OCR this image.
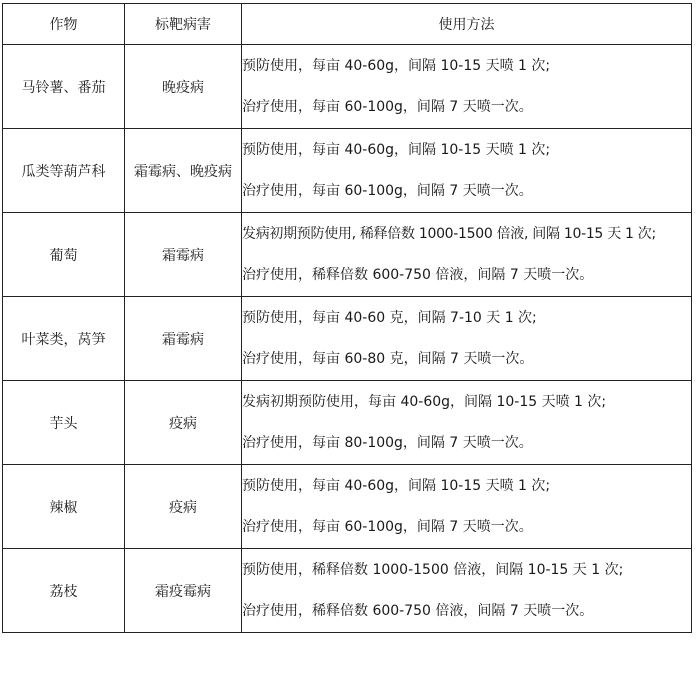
作物	标靶病害	使用方法
马铃薯、番茄	晚疫病	预防使用，每亩 40-60g，间隔 10-15 天喷 1 次;
治疗使用，每亩 60-100g，间隔 7 天喷一次。

瓜类等葫芦科	霜霉病、晚疫病	预防使用，每亩 40-60g，间隔 10-15 天喷 1 次;
治疗使用，每亩 60-100g，间隔 7 天喷一次。

葡萄	霜霉病	发病初期预防使用, 稀释倍数 1000-1500 倍液, 间隔 10-15 天 1 次;
治疗使用，稀释倍数 600-750 倍液，间隔 7 天喷一次。

叶菜类，莴笋	霜霉病	预防使用，每亩 40-60 克，间隔 7-10 天 1 次;
治疗使用，每亩 60-80 克，间隔 7 天喷一次。

芋头	疫病	发病初期预防使用，每亩 40-60g，间隔 10-15 天喷 1 次;
治疗使用，每亩 80-100g，间隔 7 天喷一次。

辣椒	疫病	预防使用，每亩 40-60g，间隔 10-15 天喷 1 次;
治疗使用，每亩 60-100g，间隔 7 天喷一次。

荔枝	霜疫霉病	预防使用，稀释倍数 1000-1500 倍液，间隔 10-15 天 1 次;
治疗使用，稀释倍数 600-750 倍液，间隔 7 天喷一次。
